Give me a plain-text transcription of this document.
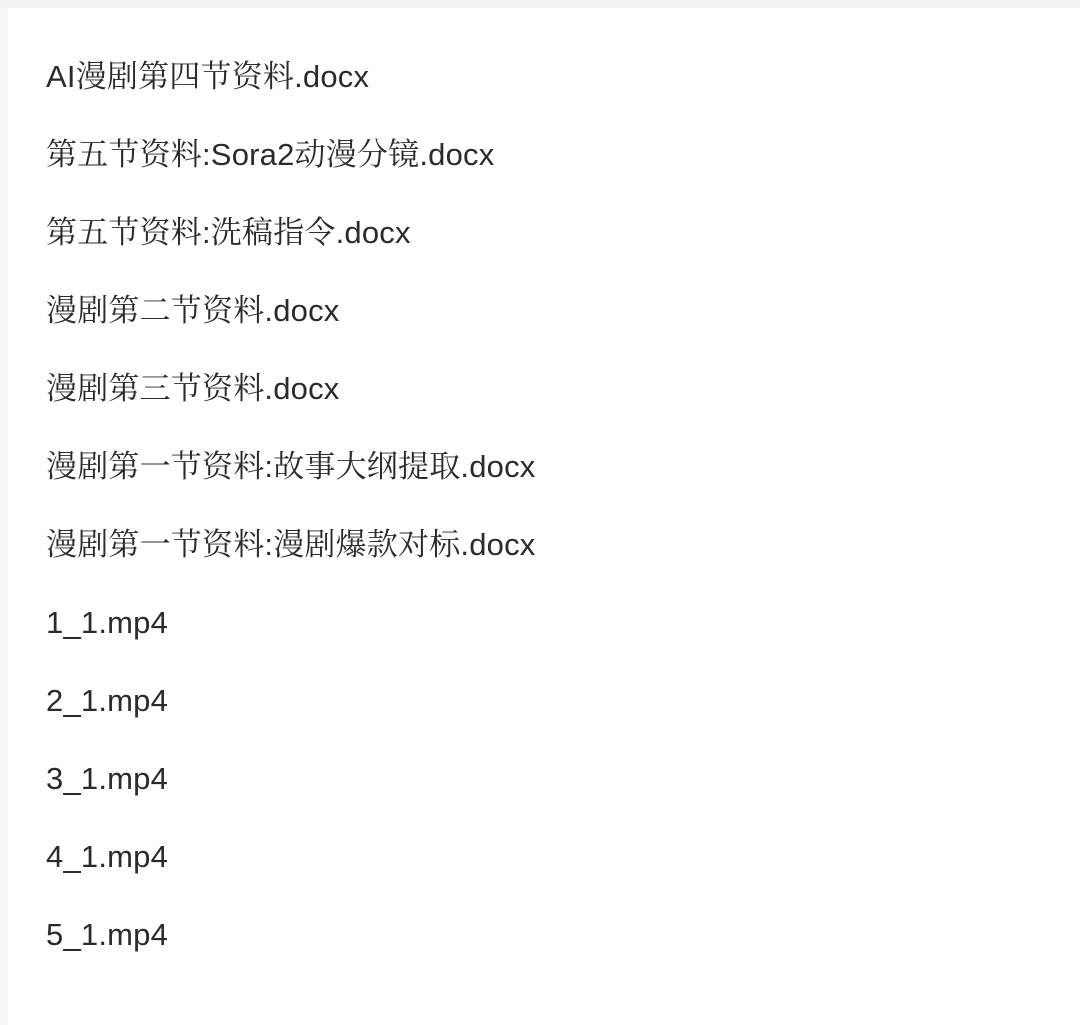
AI漫剧第四节资料.docx
第五节资料:Sora2动漫分镜.docx
第五节资料:洗稿指令.docx
漫剧第二节资料.docx
漫剧第三节资料.docx
漫剧第一节资料:故事大纲提取.docx
漫剧第一节资料:漫剧爆款对标.docx
1_1.mp4
2_1.mp4
3_1.mp4
4_1.mp4
5_1.mp4
